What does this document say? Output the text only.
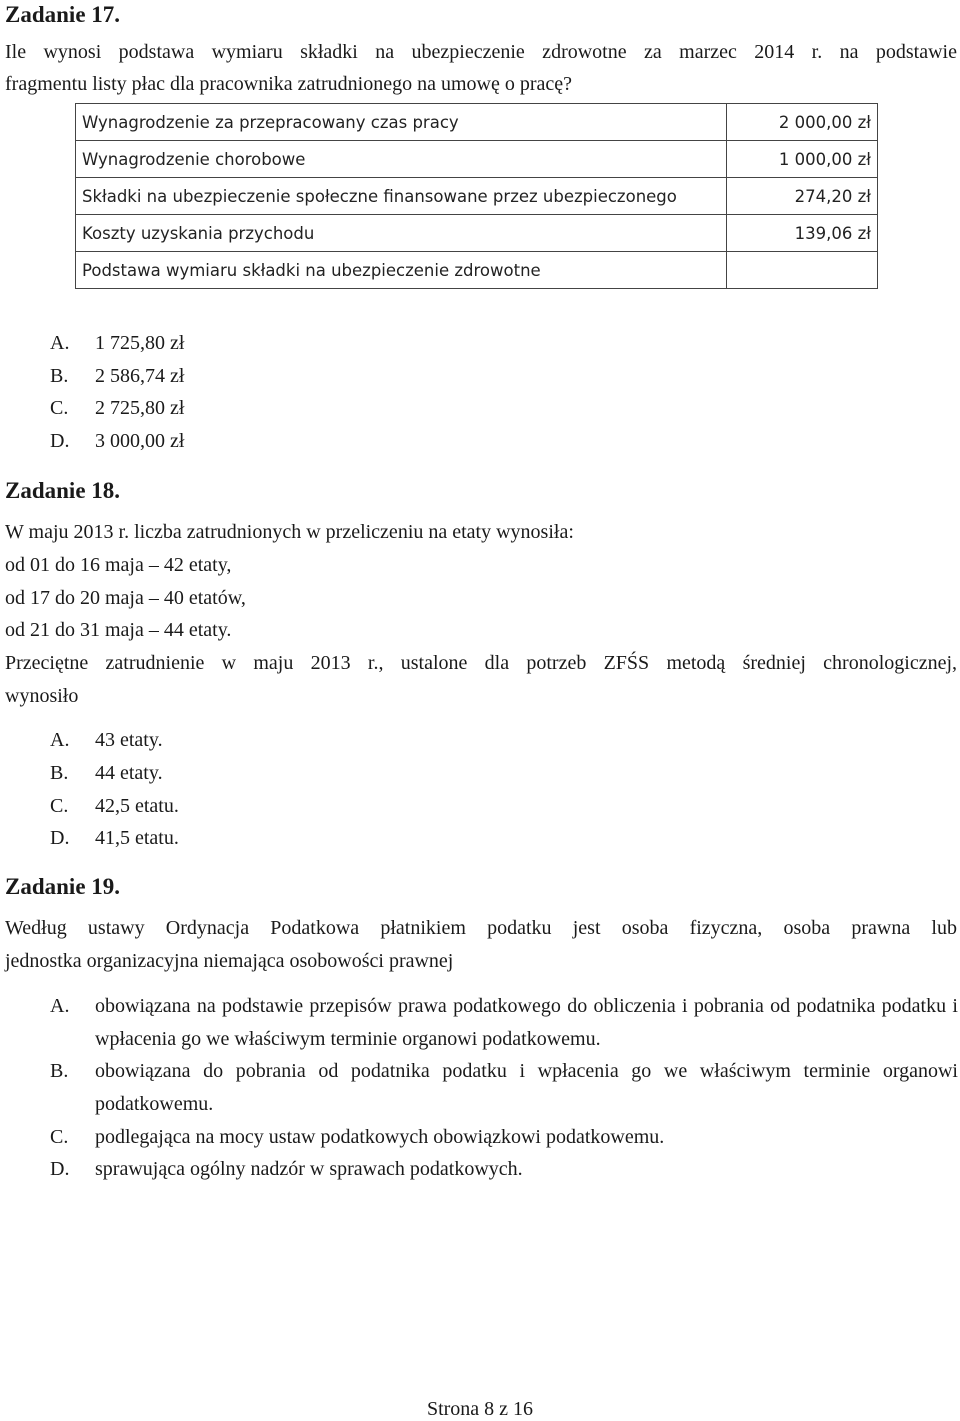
Zadanie 17.

Ile wynosi podstawa wymiaru składki na ubezpieczenie zdrowotne za marzec 2014 r. na podstawie

fragmentu listy płac dla pracownika zatrudnionego na umowę o pracę?

Wynagrodzenie za przepracowany czas pracy	2 000,00 zł
Wynagrodzenie chorobowe	1 000,00 zł
Składki na ubezpieczenie społeczne finansowane przez ubezpieczonego	274,20 zł
Koszty uzyskania przychodu	139,06 zł
Podstawa wymiaru składki na ubezpieczenie zdrowotne	
A.	1 725,80 zł
B.	2 586,74 zł
C.	2 725,80 zł
D.	3 000,00 zł
Zadanie 18.

W maju 2013 r. liczba zatrudnionych w przeliczeniu na etaty wynosiła:

od 01 do 16 maja – 42 etaty,

od 17 do 20 maja – 40 etatów,

od 21 do 31 maja – 44 etaty.

Przeciętne zatrudnienie w maju 2013 r., ustalone dla potrzeb ZFŚS metodą średniej chronologicznej,

wynosiło

A.	43 etaty.
B.	44 etaty.
C.	42,5 etatu.
D.	41,5 etatu.
Zadanie 19.

Według ustawy Ordynacja Podatkowa płatnikiem podatku jest osoba fizyczna, osoba prawna lub

jednostka organizacyjna niemająca osobowości prawnej

A.	obowiązana na podstawie przepisów prawa podatkowego do obliczenia i pobrania od podatnika podatku i wpłacenia go we właściwym terminie organowi podatkowemu.
B.	obowiązana do pobrania od podatnika podatku i wpłacenia go we właściwym terminie organowi podatkowemu.
C.	podlegająca na mocy ustaw podatkowych obowiązkowi podatkowemu.
D.	sprawująca ogólny nadzór w sprawach podatkowych.
Strona 8 z 16
